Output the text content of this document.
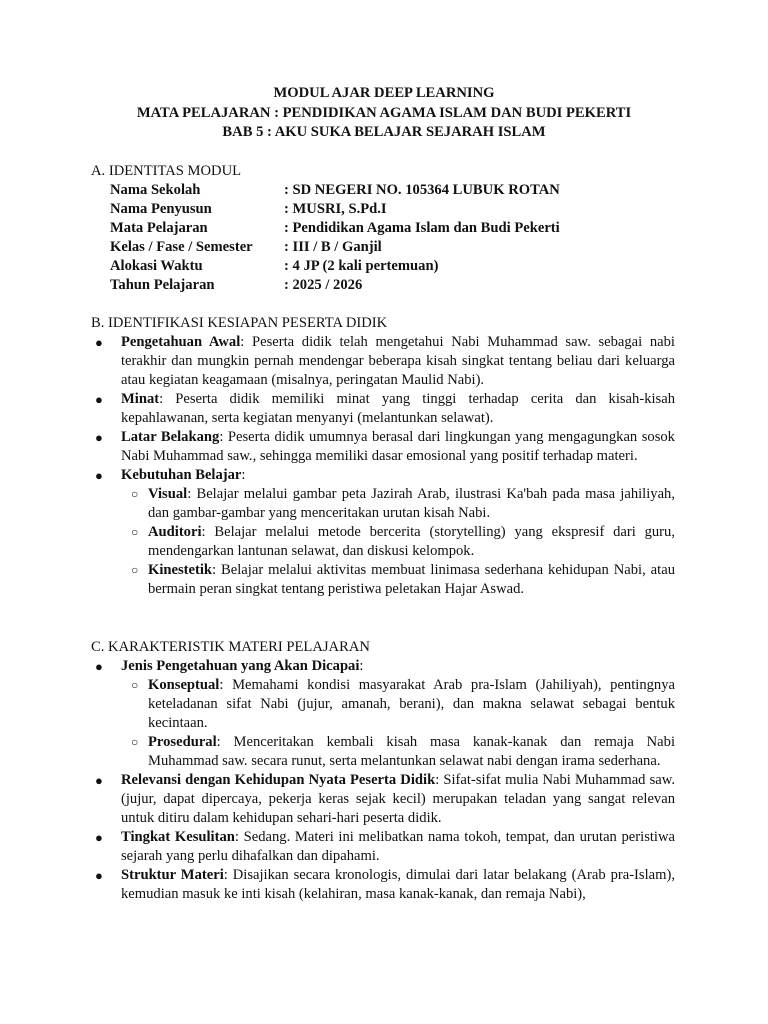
MODUL AJAR DEEP LEARNING
MATA PELAJARAN : PENDIDIKAN AGAMA ISLAM DAN BUDI PEKERTI
BAB 5 : AKU SUKA BELAJAR SEJARAH ISLAM
A. IDENTITAS MODUL
Nama Sekolah	: SD NEGERI NO. 105364 LUBUK ROTAN
Nama Penyusun	: MUSRI, S.Pd.I
Mata Pelajaran	: Pendidikan Agama Islam dan Budi Pekerti
Kelas / Fase / Semester	: III / B / Ganjil
Alokasi Waktu	: 4 JP (2 kali pertemuan)
Tahun Pelajaran	: 2025 / 2026
B. IDENTIFIKASI KESIAPAN PESERTA DIDIK
● Pengetahuan Awal: Peserta didik telah mengetahui Nabi Muhammad saw. sebagai nabi terakhir dan mungkin pernah mendengar beberapa kisah singkat tentang beliau dari keluarga atau kegiatan keagamaan (misalnya, peringatan Maulid Nabi).
● Minat: Peserta didik memiliki minat yang tinggi terhadap cerita dan kisah-kisah kepahlawanan, serta kegiatan menyanyi (melantunkan selawat).
● Latar Belakang: Peserta didik umumnya berasal dari lingkungan yang mengagungkan sosok Nabi Muhammad saw., sehingga memiliki dasar emosional yang positif terhadap materi.
● Kebutuhan Belajar:
○ Visual: Belajar melalui gambar peta Jazirah Arab, ilustrasi Ka'bah pada masa jahiliyah, dan gambar-gambar yang menceritakan urutan kisah Nabi.
○ Auditori: Belajar melalui metode bercerita (storytelling) yang ekspresif dari guru, mendengarkan lantunan selawat, dan diskusi kelompok.
○ Kinestetik: Belajar melalui aktivitas membuat linimasa sederhana kehidupan Nabi, atau bermain peran singkat tentang peristiwa peletakan Hajar Aswad.
C. KARAKTERISTIK MATERI PELAJARAN
● Jenis Pengetahuan yang Akan Dicapai:
○ Konseptual: Memahami kondisi masyarakat Arab pra-Islam (Jahiliyah), pentingnya keteladanan sifat Nabi (jujur, amanah, berani), dan makna selawat sebagai bentuk kecintaan.
○ Prosedural: Menceritakan kembali kisah masa kanak-kanak dan remaja Nabi Muhammad saw. secara runut, serta melantunkan selawat nabi dengan irama sederhana.
● Relevansi dengan Kehidupan Nyata Peserta Didik: Sifat-sifat mulia Nabi Muhammad saw. (jujur, dapat dipercaya, pekerja keras sejak kecil) merupakan teladan yang sangat relevan untuk ditiru dalam kehidupan sehari-hari peserta didik.
● Tingkat Kesulitan: Sedang. Materi ini melibatkan nama tokoh, tempat, dan urutan peristiwa sejarah yang perlu dihafalkan dan dipahami.
● Struktur Materi: Disajikan secara kronologis, dimulai dari latar belakang (Arab pra-Islam), kemudian masuk ke inti kisah (kelahiran, masa kanak-kanak, dan remaja Nabi),
